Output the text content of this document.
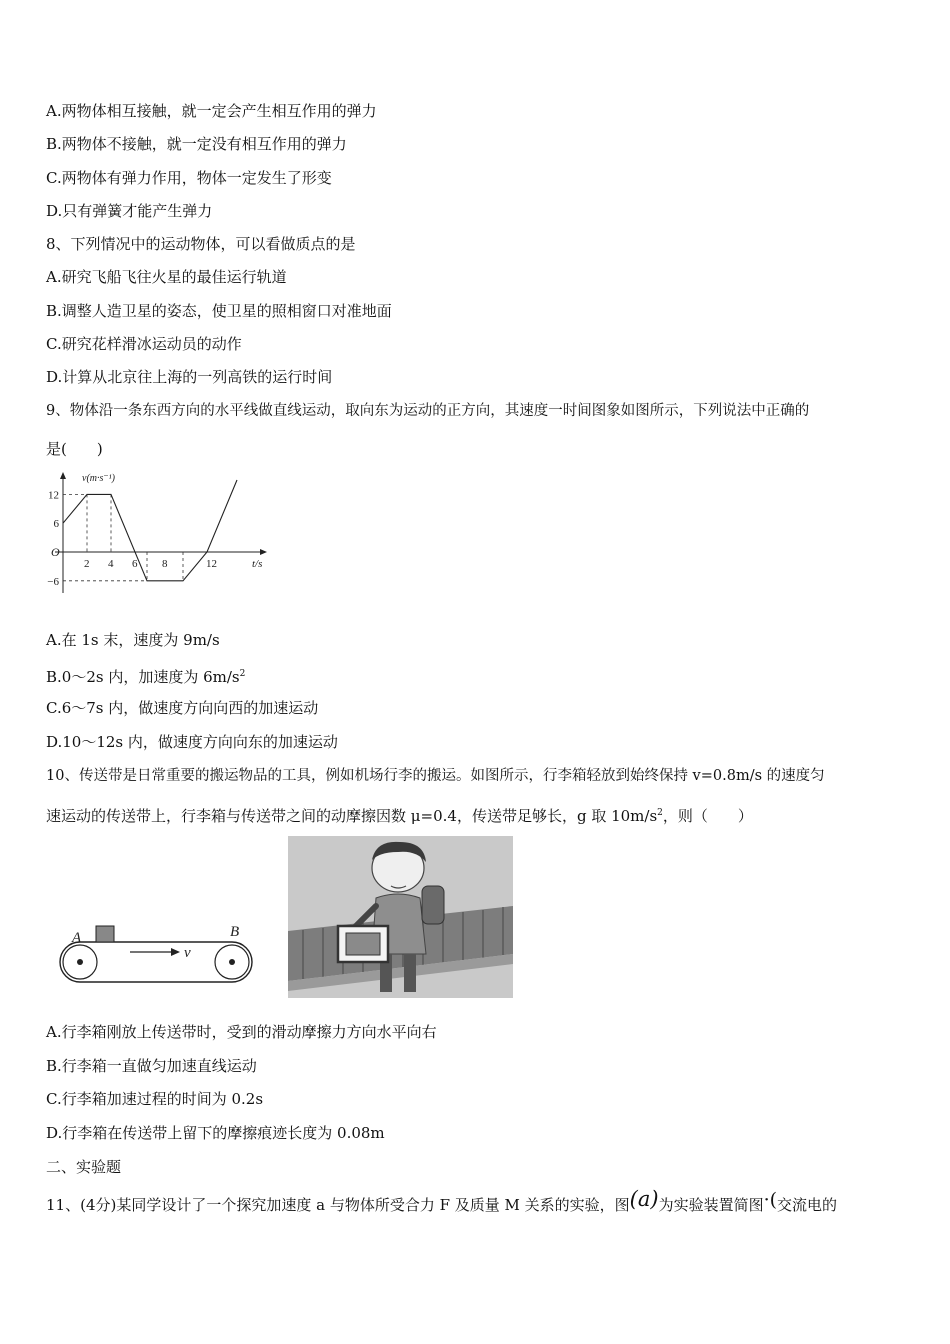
A.两物体相互接触，就一定会产生相互作用的弹力
B.两物体不接触，就一定没有相互作用的弹力
C.两物体有弹力作用，物体一定发生了形变
D.只有弹簧才能产生弹力
8、下列情况中的运动物体，可以看做质点的是
A.研究飞船飞往火星的最佳运行轨道
B.调整人造卫星的姿态，使卫星的照相窗口对准地面
C.研究花样滑冰运动员的动作
D.计算从北京往上海的一列高铁的运行时间
9、物体沿一条东西方向的水平线做直线运动，取向东为运动的正方向，其速度一时间图象如图所示，下列说法中正确的
是(　　)
2 4 6 8	12
12
6
−6
v(m·s⁻¹)
t/s
O
A.在 1s 末，速度为 9m/s
B.0～2s 内，加速度为 $6m/s^2$
C.6～7s 内，做速度方向向西的加速运动
D.10～12s 内，做速度方向向东的加速运动
10、传送带是日常重要的搬运物品的工具，例如机场行李的搬运。如图所示，行李箱轻放到始终保持 v=0.8m/s 的速度匀
速运动的传送带上，行李箱与传送带之间的动摩擦因数 μ=0.4，传送带足够长，g 取 $10m/s^2$，则（　　）
A	B
v
A.行李箱刚放上传送带时，受到的滑动摩擦力方向水平向右
B.行李箱一直做匀加速直线运动
C.行李箱加速过程的时间为 0.2s
D.行李箱在传送带上留下的摩擦痕迹长度为 0.08m
二、实验题
11、(4分)某同学设计了一个探究加速度 a 与物体所受合力 F 及质量 M 关系的实验，图(a)为实验装置简图·(交流电的
